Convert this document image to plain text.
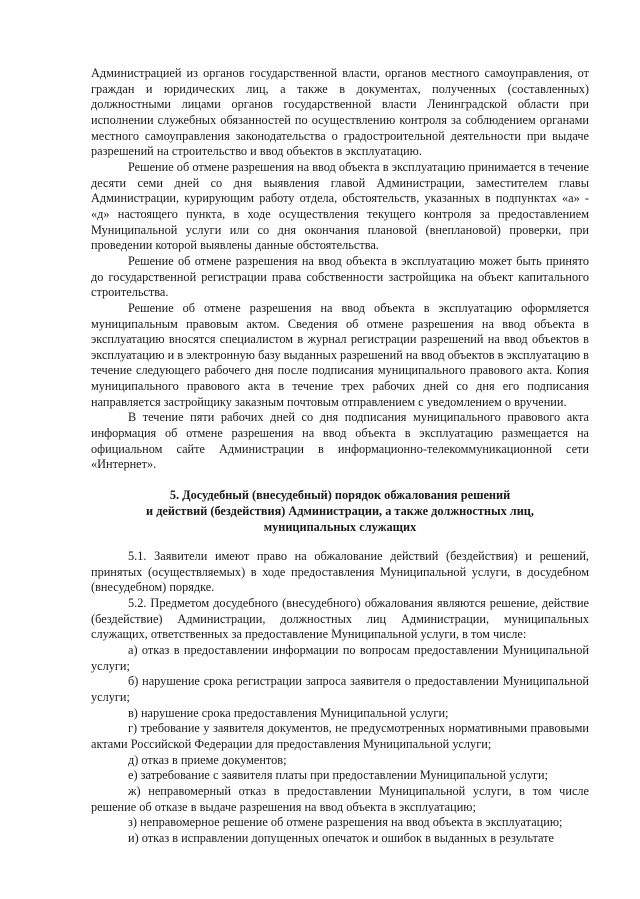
Администрацией из органов государственной власти, органов местного самоуправления, от граждан и юридических лиц, а также в документах, полученных (составленных) должностными лицами органов государственной власти Ленинградской области при исполнении служебных обязанностей по осуществлению контроля за соблюдением органами местного самоуправления законодательства о градостроительной деятельности при выдаче разрешений на строительство и ввод объектов в эксплуатацию.

Решение об отмене разрешения на ввод объекта в эксплуатацию принимается в течение десяти семи дней со дня выявления главой Администрации, заместителем главы Администрации, курирующим работу отдела, обстоятельств, указанных в подпунктах «а» - «д» настоящего пункта, в ходе осуществления текущего контроля за предоставлением Муниципальной услуги или со дня окончания плановой (внеплановой) проверки, при проведении которой выявлены данные обстоятельства.

Решение об отмене разрешения на ввод объекта в эксплуатацию может быть принято до государственной регистрации права собственности застройщика на объект капитального строительства.

Решение об отмене разрешения на ввод объекта в эксплуатацию оформляется муниципальным правовым актом. Сведения об отмене разрешения на ввод объекта в эксплуатацию вносятся специалистом в журнал регистрации разрешений на ввод объектов в эксплуатацию и в электронную базу выданных разрешений на ввод объектов в эксплуатацию в течение следующего рабочего дня после подписания муниципального правового акта. Копия муниципального правового акта в течение трех рабочих дней со дня его подписания направляется застройщику заказным почтовым отправлением с уведомлением о вручении.

В течение пяти рабочих дней со дня подписания муниципального правового акта информация об отмене разрешения на ввод объекта в эксплуатацию размещается на официальном сайте Администрации в информационно-телекоммуникационной сети «Интернет».

5. Досудебный (внесудебный) порядок обжалования решений
и действий (бездействия) Администрации, а также должностных лиц,
муниципальных служащих

5.1. Заявители имеют право на обжалование действий (бездействия) и решений, принятых (осуществляемых) в ходе предоставления Муниципальной услуги, в досудебном (внесудебном) порядке.

5.2. Предметом досудебного (внесудебного) обжалования являются решение, действие (бездействие) Администрации, должностных лиц Администрации, муниципальных служащих, ответственных за предоставление Муниципальной услуги, в том числе:

а) отказ в предоставлении информации по вопросам предоставлении Муниципальной услуги;

б) нарушение срока регистрации запроса заявителя о предоставлении Муниципальной услуги;

в) нарушение срока предоставления Муниципальной услуги;

г) требование у заявителя документов, не предусмотренных нормативными правовыми актами Российской Федерации для предоставления Муниципальной услуги;

д) отказ в приеме документов;

е) затребование с заявителя платы при предоставлении Муниципальной услуги;

ж) неправомерный отказ в предоставлении Муниципальной услуги, в том числе решение об отказе в выдаче разрешения на ввод объекта в эксплуатацию;

з) неправомерное решение об отмене разрешения на ввод объекта в эксплуатацию;

и) отказ в исправлении допущенных опечаток и ошибок в выданных в результате
